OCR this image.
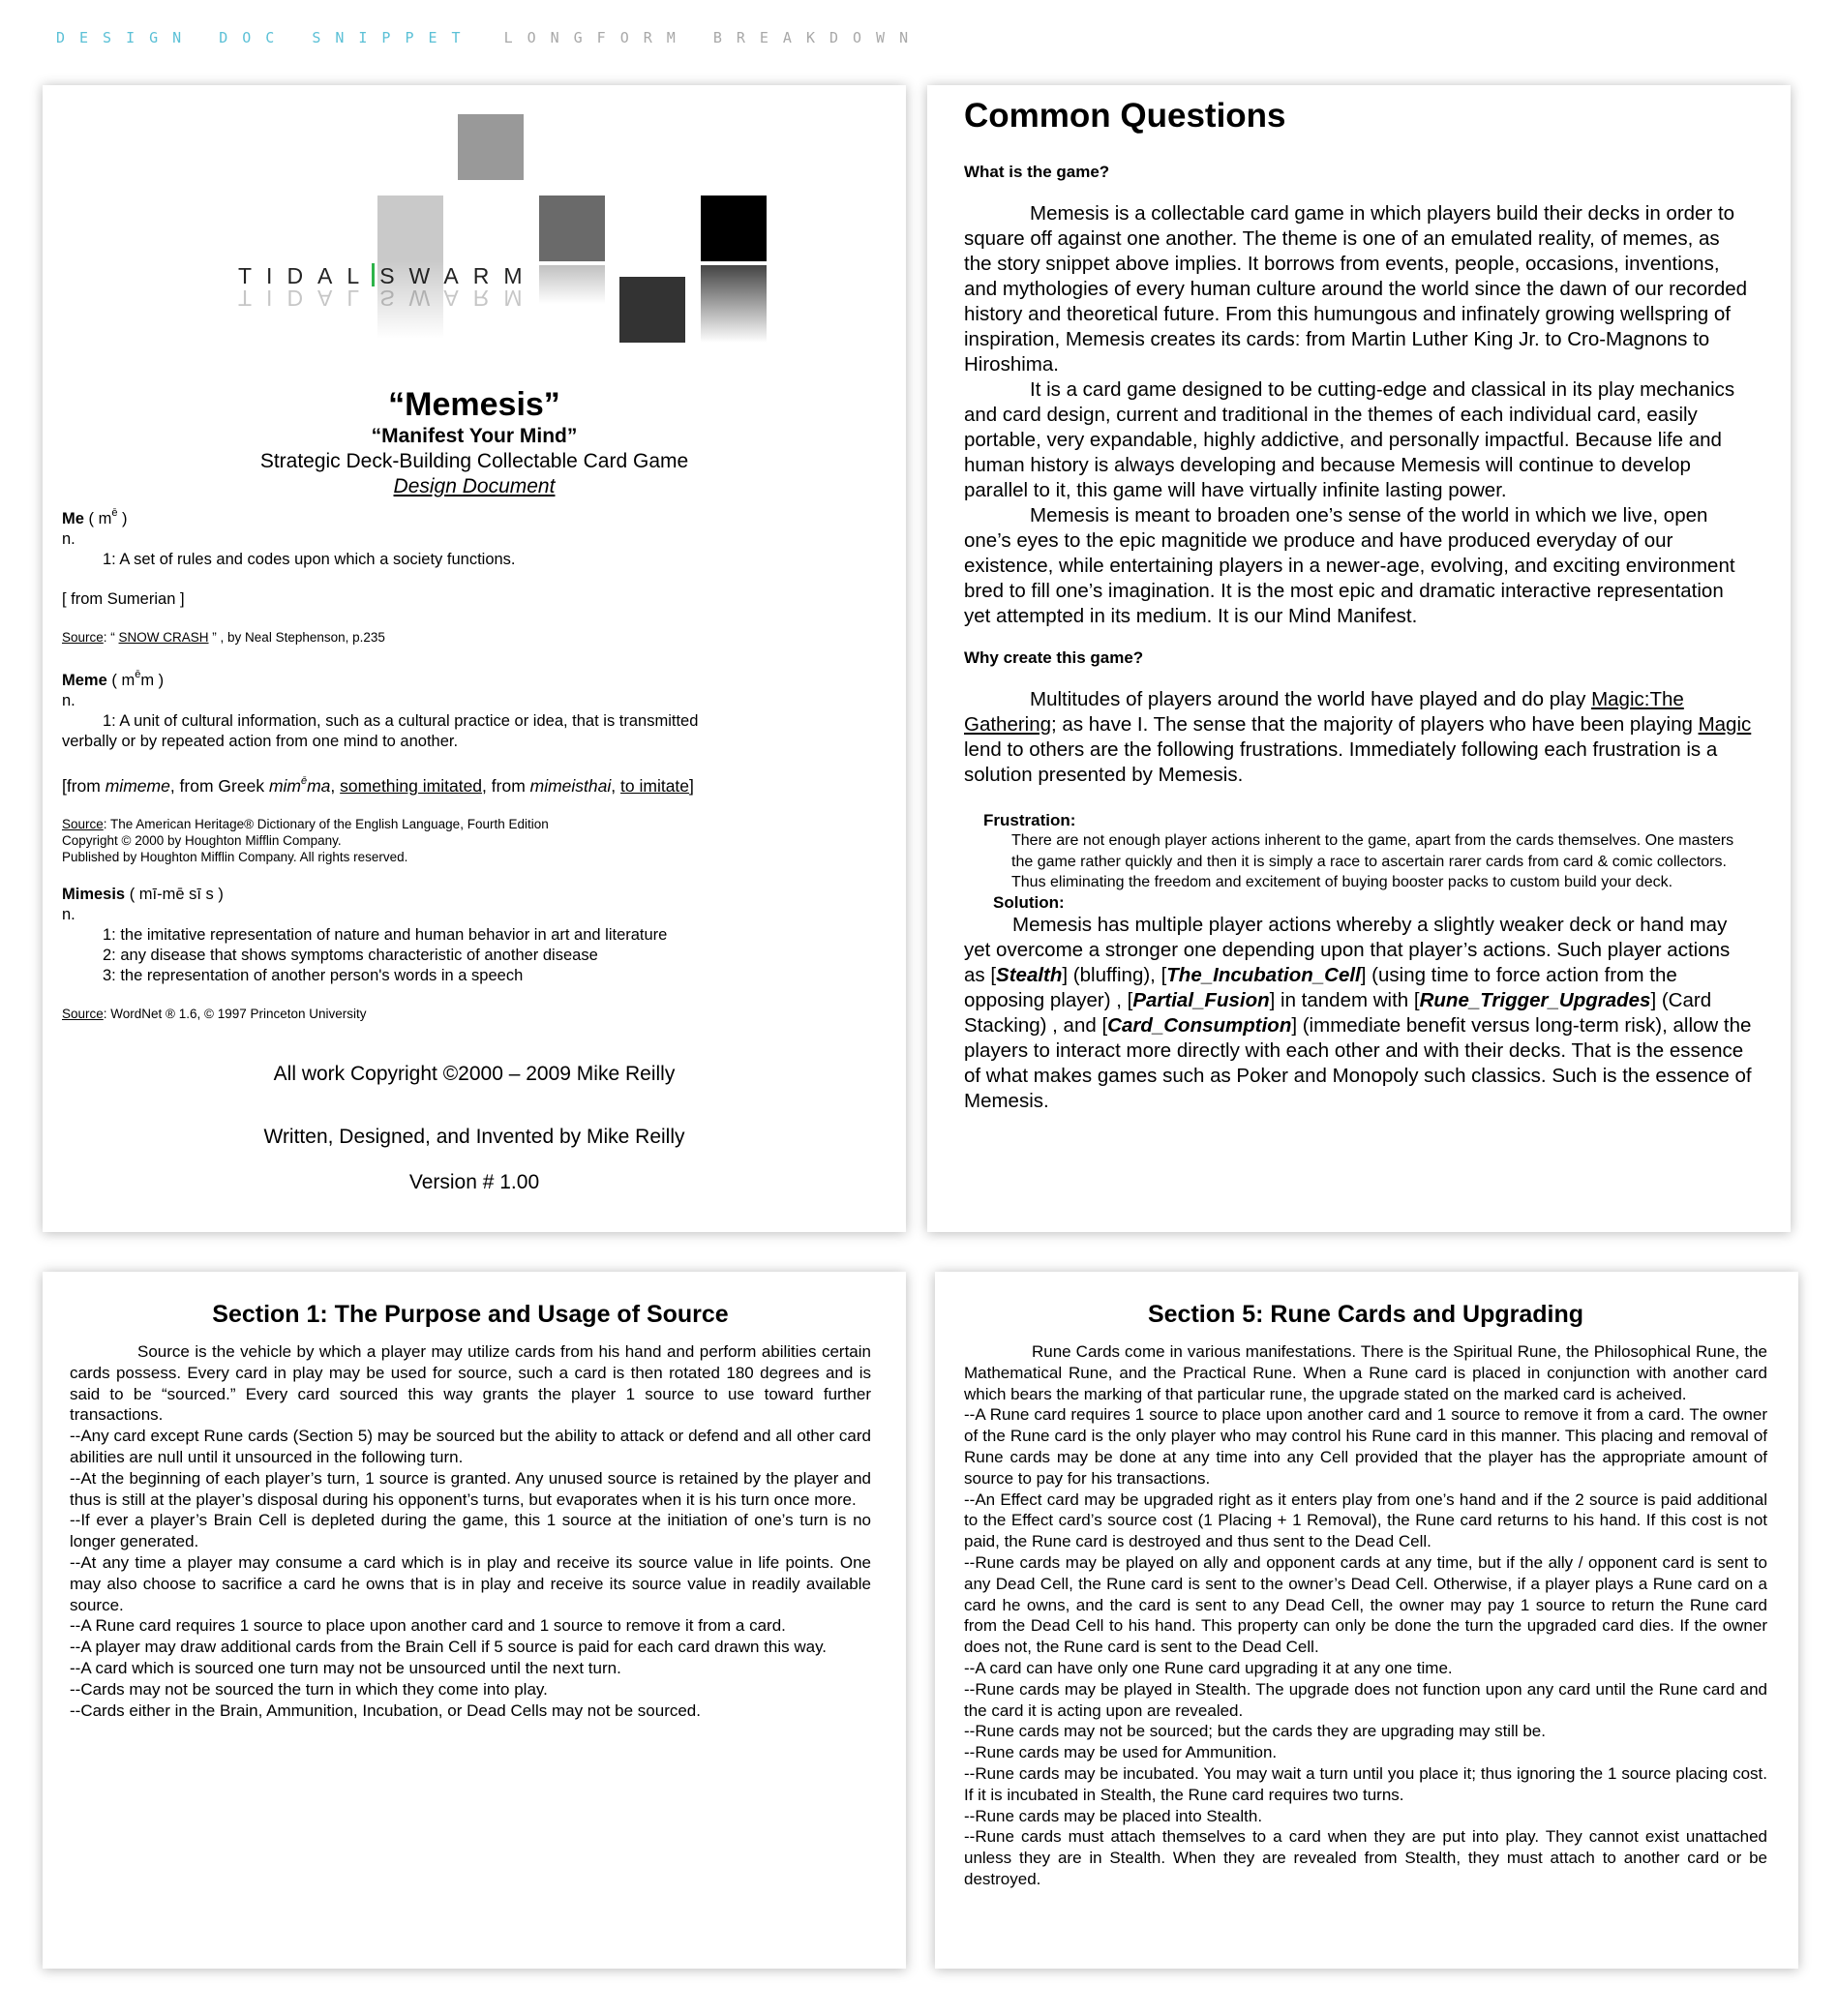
DESIGN DOC SNIPPET LONGFORM BREAKDOWN
TIDAL SWARM
TIDAL SWARM
“Memesis”
“Manifest Your Mind”
Strategic Deck-Building Collectable Card Game
Design Document

Me ( $m^ē$ )

n.

1: A set of rules and codes upon which a society functions.

[ from Sumerian ]

Source: “ SNOW CRASH ” , by Neal Stephenson, p.235

Meme ( $m^ēm$ )

n.

1: A unit of cultural information, such as a cultural practice or idea, that is transmitted

verbally or by repeated action from one mind to another.

[from mimeme, from Greek mim$^ē$ma, something imitated, from mimeisthai, to imitate]

Source: The American Heritage® Dictionary of the English Language, Fourth Edition

Copyright © 2000 by Houghton Mifflin Company.

Published by Houghton Mifflin Company. All rights reserved.

Mimesis ( mī-mē sī s )

n.

1: the imitative representation of nature and human behavior in art and literature

2: any disease that shows symptoms characteristic of another disease

3: the representation of another person's words in a speech

Source: WordNet ® 1.6, © 1997 Princeton University

All work Copyright ©2000 – 2009 Mike Reilly
Written, Designed, and Invented by Mike Reilly
Version # 1.00
Common Questions

What is the game?

Memesis is a collectable card game in which players build their decks in order to square off against one another. The theme is one of an emulated reality, of memes, as the story snippet above implies. It borrows from events, people, occasions, inventions, and mythologies of every human culture around the world since the dawn of our recorded history and theoretical future. From this humungous and infinately growing wellspring of inspiration, Memesis creates its cards: from Martin Luther King Jr. to Cro-Magnons to Hiroshima.

It is a card game designed to be cutting-edge and classical in its play mechanics and card design, current and traditional in the themes of each individual card, easily portable, very expandable, highly addictive, and personally impactful. Because life and human history is always developing and because Memesis will continue to develop parallel to it, this game will have virtually infinite lasting power.

Memesis is meant to broaden one’s sense of the world in which we live, open one’s eyes to the epic magnitide we produce and have produced everyday of our existence, while entertaining players in a newer-age, evolving, and exciting environment bred to fill one’s imagination. It is the most epic and dramatic interactive representation yet attempted in its medium. It is our Mind Manifest.

Why create this game?

Multitudes of players around the world have played and do play Magic:The Gathering; as have I. The sense that the majority of players who have been playing Magic lend to others are the following frustrations. Immediately following each frustration is a solution presented by Memesis.

Frustration:

There are not enough player actions inherent to the game, apart from the cards themselves. One masters the game rather quickly and then it is simply a race to ascertain rarer cards from card & comic collectors. Thus eliminating the freedom and excitement of buying booster packs to custom build your deck.

Solution:

Memesis has multiple player actions whereby a slightly weaker deck or hand may yet overcome a stronger one depending upon that player’s actions. Such player actions as [Stealth] (bluffing), [The_Incubation_Cell] (using time to force action from the opposing player) , [Partial_Fusion] in tandem with [Rune_Trigger_Upgrades] (Card Stacking) , and [Card_Consumption] (immediate benefit versus long-term risk), allow the players to interact more directly with each other and with their decks. That is the essence of what makes games such as Poker and Monopoly such classics. Such is the essence of Memesis.

Section 1: The Purpose and Usage of Source

Source is the vehicle by which a player may utilize cards from his hand and perform abilities certain cards possess. Every card in play may be used for source, such a card is then rotated 180 degrees and is said to be “sourced.” Every card sourced this way grants the player 1 source to use toward further transactions.

--Any card except Rune cards (Section 5) may be sourced but the ability to attack or defend and all other card abilities are null until it unsourced in the following turn.

--At the beginning of each player’s turn, 1 source is granted. Any unused source is retained by the player and thus is still at the player’s disposal during his opponent’s turns, but evaporates when it is his turn once more.

--If ever a player’s Brain Cell is depleted during the game, this 1 source at the initiation of one’s turn is no longer generated.

--At any time a player may consume a card which is in play and receive its source value in life points. One may also choose to sacrifice a card he owns that is in play and receive its source value in readily available source.

--A Rune card requires 1 source to place upon another card and 1 source to remove it from a card.

--A player may draw additional cards from the Brain Cell if 5 source is paid for each card drawn this way.

--A card which is sourced one turn may not be unsourced until the next turn.

--Cards may not be sourced the turn in which they come into play.

--Cards either in the Brain, Ammunition, Incubation, or Dead Cells may not be sourced.

Section 5: Rune Cards and Upgrading

Rune Cards come in various manifestations. There is the Spiritual Rune, the Philosophical Rune, the Mathematical Rune, and the Practical Rune. When a Rune card is placed in conjunction with another card which bears the marking of that particular rune, the upgrade stated on the marked card is acheived.

--A Rune card requires 1 source to place upon another card and 1 source to remove it from a card. The owner of the Rune card is the only player who may control his Rune card in this manner. This placing and removal of Rune cards may be done at any time into any Cell provided that the player has the appropriate amount of source to pay for his transactions.

--An Effect card may be upgraded right as it enters play from one’s hand and if the 2 source is paid additional to the Effect card’s source cost (1 Placing + 1 Removal), the Rune card returns to his hand. If this cost is not paid, the Rune card is destroyed and thus sent to the Dead Cell.

--Rune cards may be played on ally and opponent cards at any time, but if the ally / opponent card is sent to any Dead Cell, the Rune card is sent to the owner’s Dead Cell. Otherwise, if a player plays a Rune card on a card he owns, and the card is sent to any Dead Cell, the owner may pay 1 source to return the Rune card from the Dead Cell to his hand. This property can only be done the turn the upgraded card dies. If the owner does not, the Rune card is sent to the Dead Cell.

--A card can have only one Rune card upgrading it at any one time.

--Rune cards may be played in Stealth. The upgrade does not function upon any card until the Rune card and the card it is acting upon are revealed.

--Rune cards may not be sourced; but the cards they are upgrading may still be.

--Rune cards may be used for Ammunition.

--Rune cards may be incubated. You may wait a turn until you place it; thus ignoring the 1 source placing cost. If it is incubated in Stealth, the Rune card requires two turns.

--Rune cards may be placed into Stealth.

--Rune cards must attach themselves to a card when they are put into play. They cannot exist unattached unless they are in Stealth. When they are revealed from Stealth, they must attach to another card or be destroyed.
